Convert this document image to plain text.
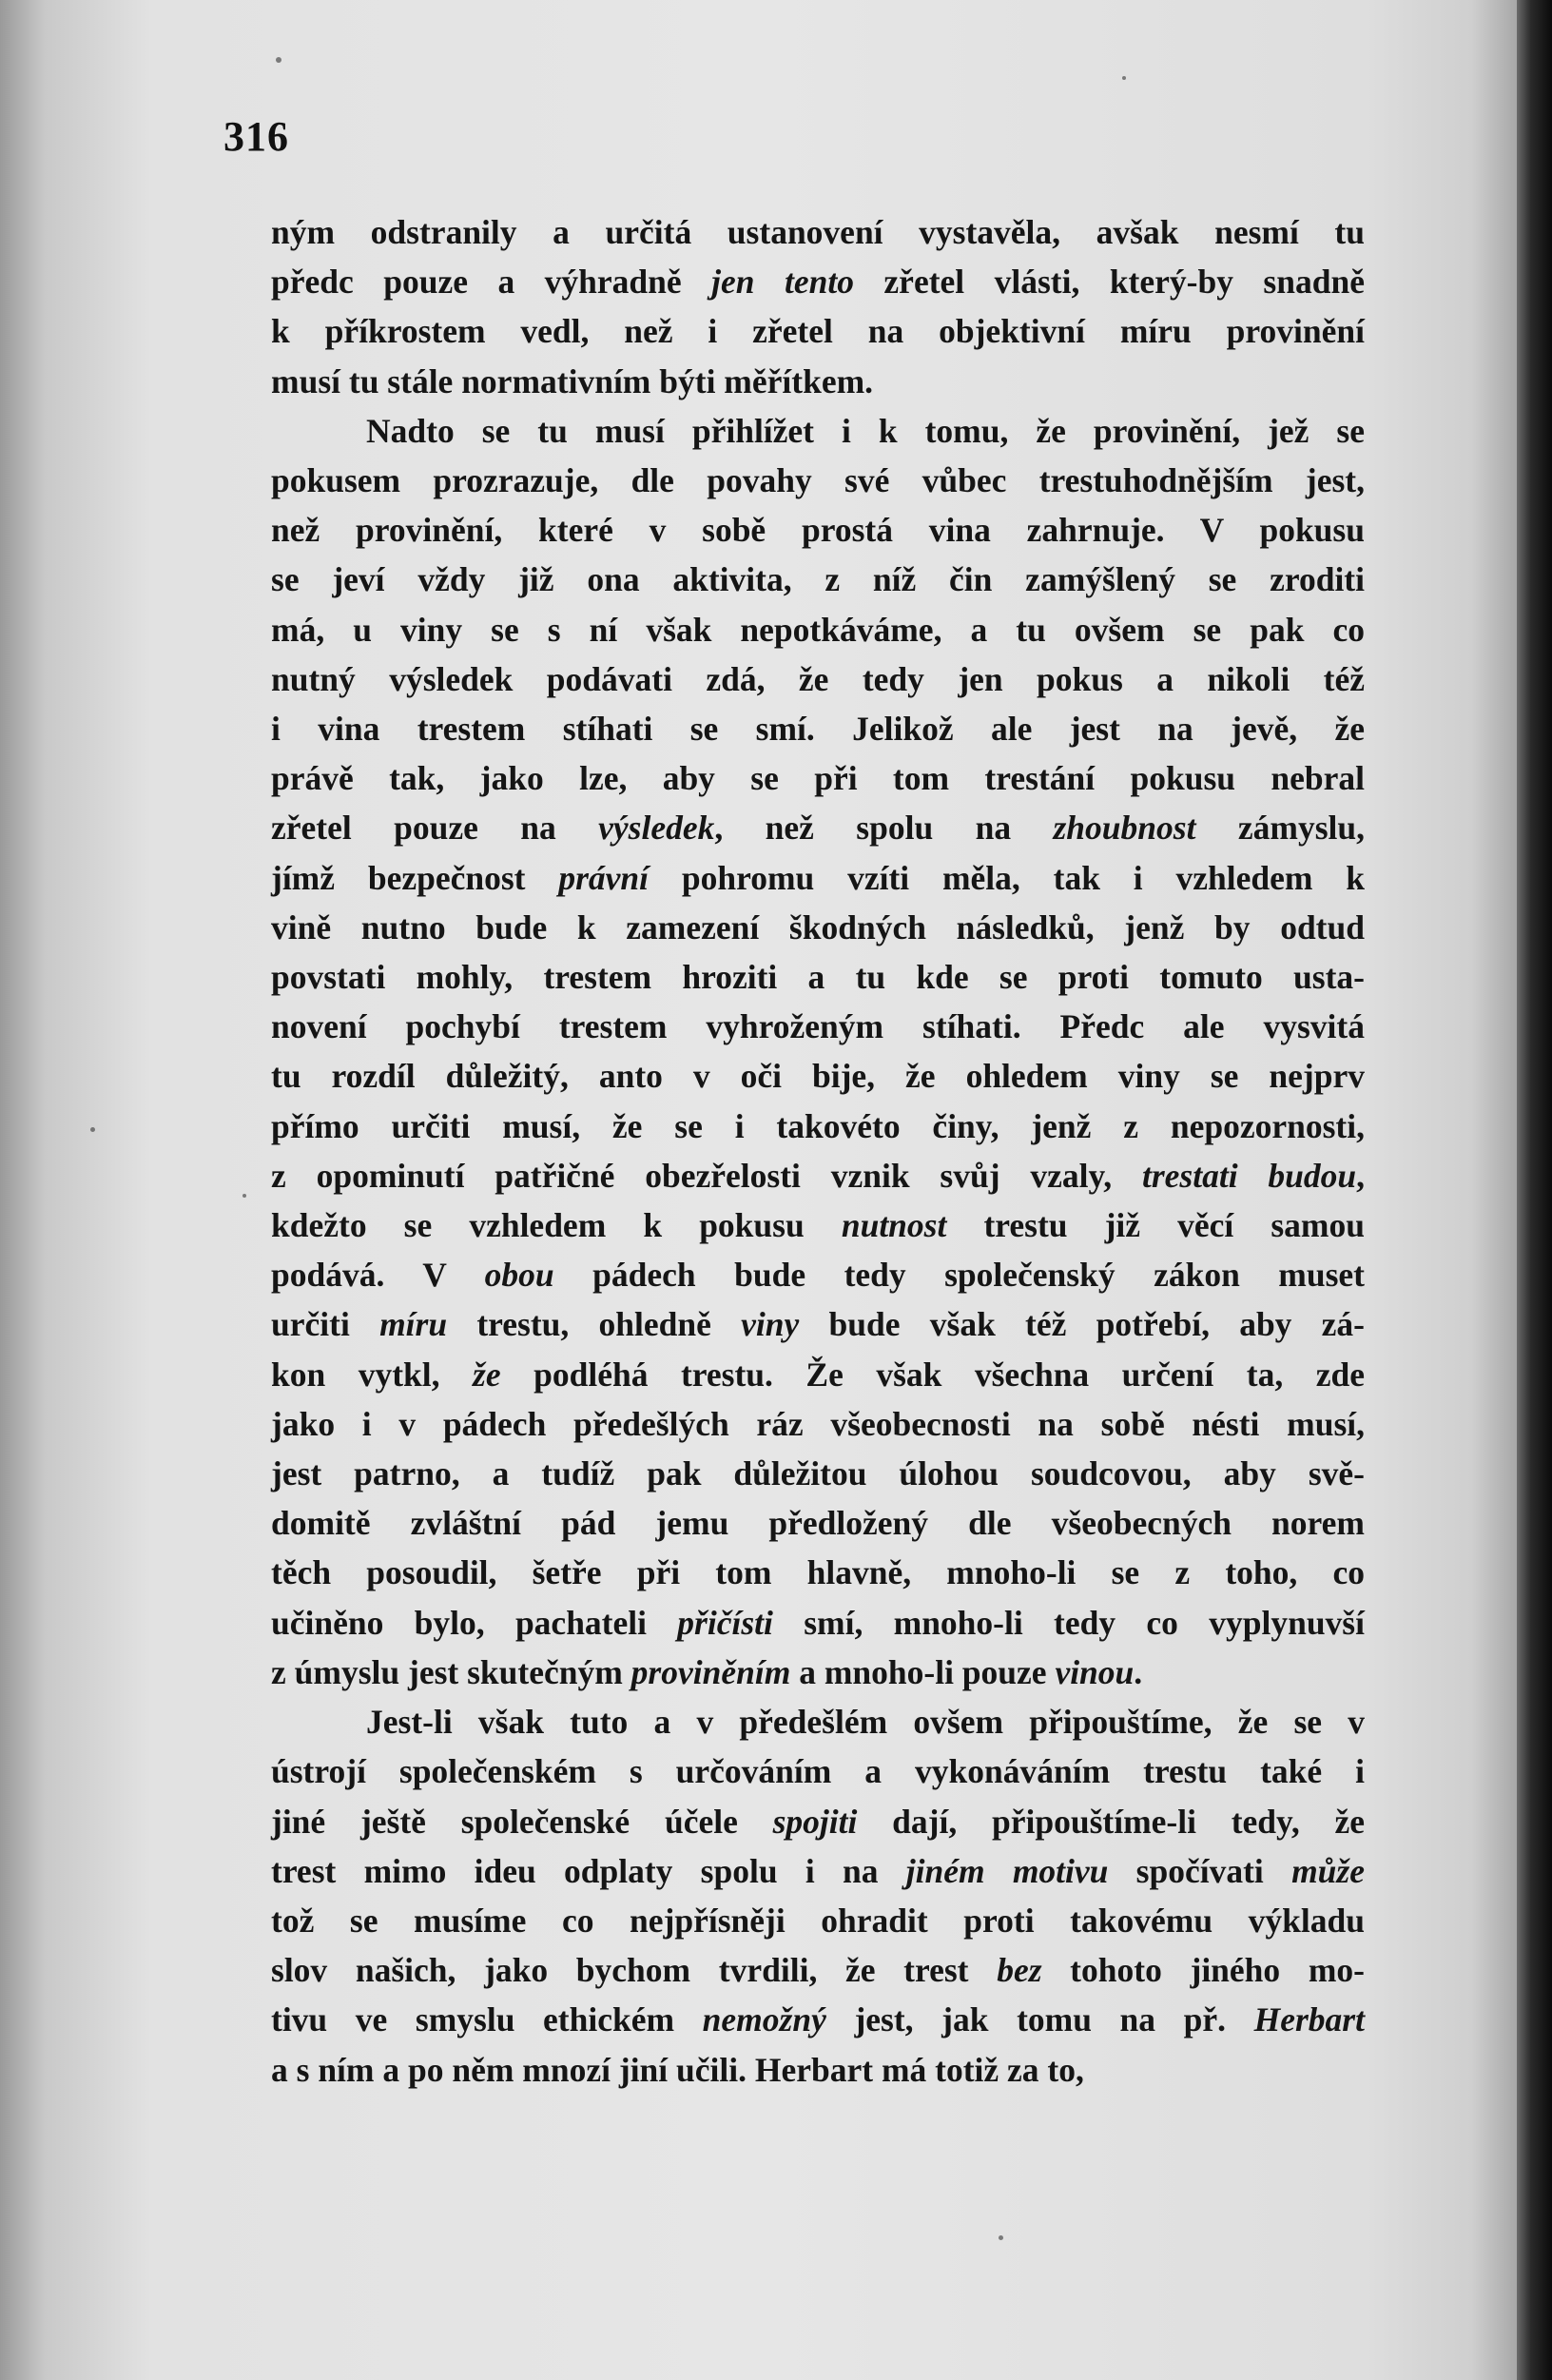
316

ným odstranily a určitá ustanovení vystavěla, avšak nesmí tu
předc pouze a výhradně jen tento zřetel vlásti, který-by snadně
k příkrostem vedl, než i zřetel na objektivní míru provinění
musí tu stále normativním býti měřítkem.

Nadto se tu musí přihlížet i k tomu, že provinění, jež se
pokusem prozrazuje, dle povahy své vůbec trestuhodnějším jest,
než provinění, které v sobě prostá vina zahrnuje. V pokusu
se jeví vždy již ona aktivita, z níž čin zamýšlený se zroditi
má, u viny se s ní však nepotkáváme, a tu ovšem se pak co
nutný výsledek podávati zdá, že tedy jen pokus a nikoli též
i vina trestem stíhati se smí. Jelikož ale jest na jevě, že
právě tak, jako lze, aby se při tom trestání pokusu nebral
zřetel pouze na výsledek, než spolu na zhoubnost zámyslu,
jímž bezpečnost právní pohromu vzíti měla, tak i vzhledem k
vině nutno bude k zamezení škodných následků, jenž by odtud
povstati mohly, trestem hroziti a tu kde se proti tomuto usta-
novení pochybí trestem vyhroženým stíhati. Předc ale vysvitá
tu rozdíl důležitý, anto v oči bije, že ohledem viny se nejprv
přímo určiti musí, že se i takovéto činy, jenž z nepozornosti,
z opominutí patřičné obezřelosti vznik svůj vzaly, trestati budou,
kdežto se vzhledem k pokusu nutnost trestu již věcí samou
podává. V obou pádech bude tedy společenský zákon muset
určiti míru trestu, ohledně viny bude však též potřebí, aby zá-
kon vytkl, že podléhá trestu. Že však všechna určení ta, zde
jako i v pádech předešlých ráz všeobecnosti na sobě nésti musí,
jest patrno, a tudíž pak důležitou úlohou soudcovou, aby svě-
domitě zvláštní pád jemu předložený dle všeobecných norem
těch posoudil, šetře při tom hlavně, mnoho-li se z toho, co
učiněno bylo, pachateli přičísti smí, mnoho-li tedy co vyplynuvší
z úmyslu jest skutečným proviněním a mnoho-li pouze vinou.

Jest-li však tuto a v předešlém ovšem připouštíme, že se v
ústrojí společenském s určováním a vykonáváním trestu také i
jiné ještě společenské účele spojiti dají, připouštíme-li tedy, že
trest mimo ideu odplaty spolu i na jiném motivu spočívati může
tož se musíme co nejpřísněji ohradit proti takovému výkladu
slov našich, jako bychom tvrdili, že trest bez tohoto jiného mo-
tivu ve smyslu ethickém nemožný jest, jak tomu na př. Herbart
a s ním a po něm mnozí jiní učili. Herbart má totiž za to,
